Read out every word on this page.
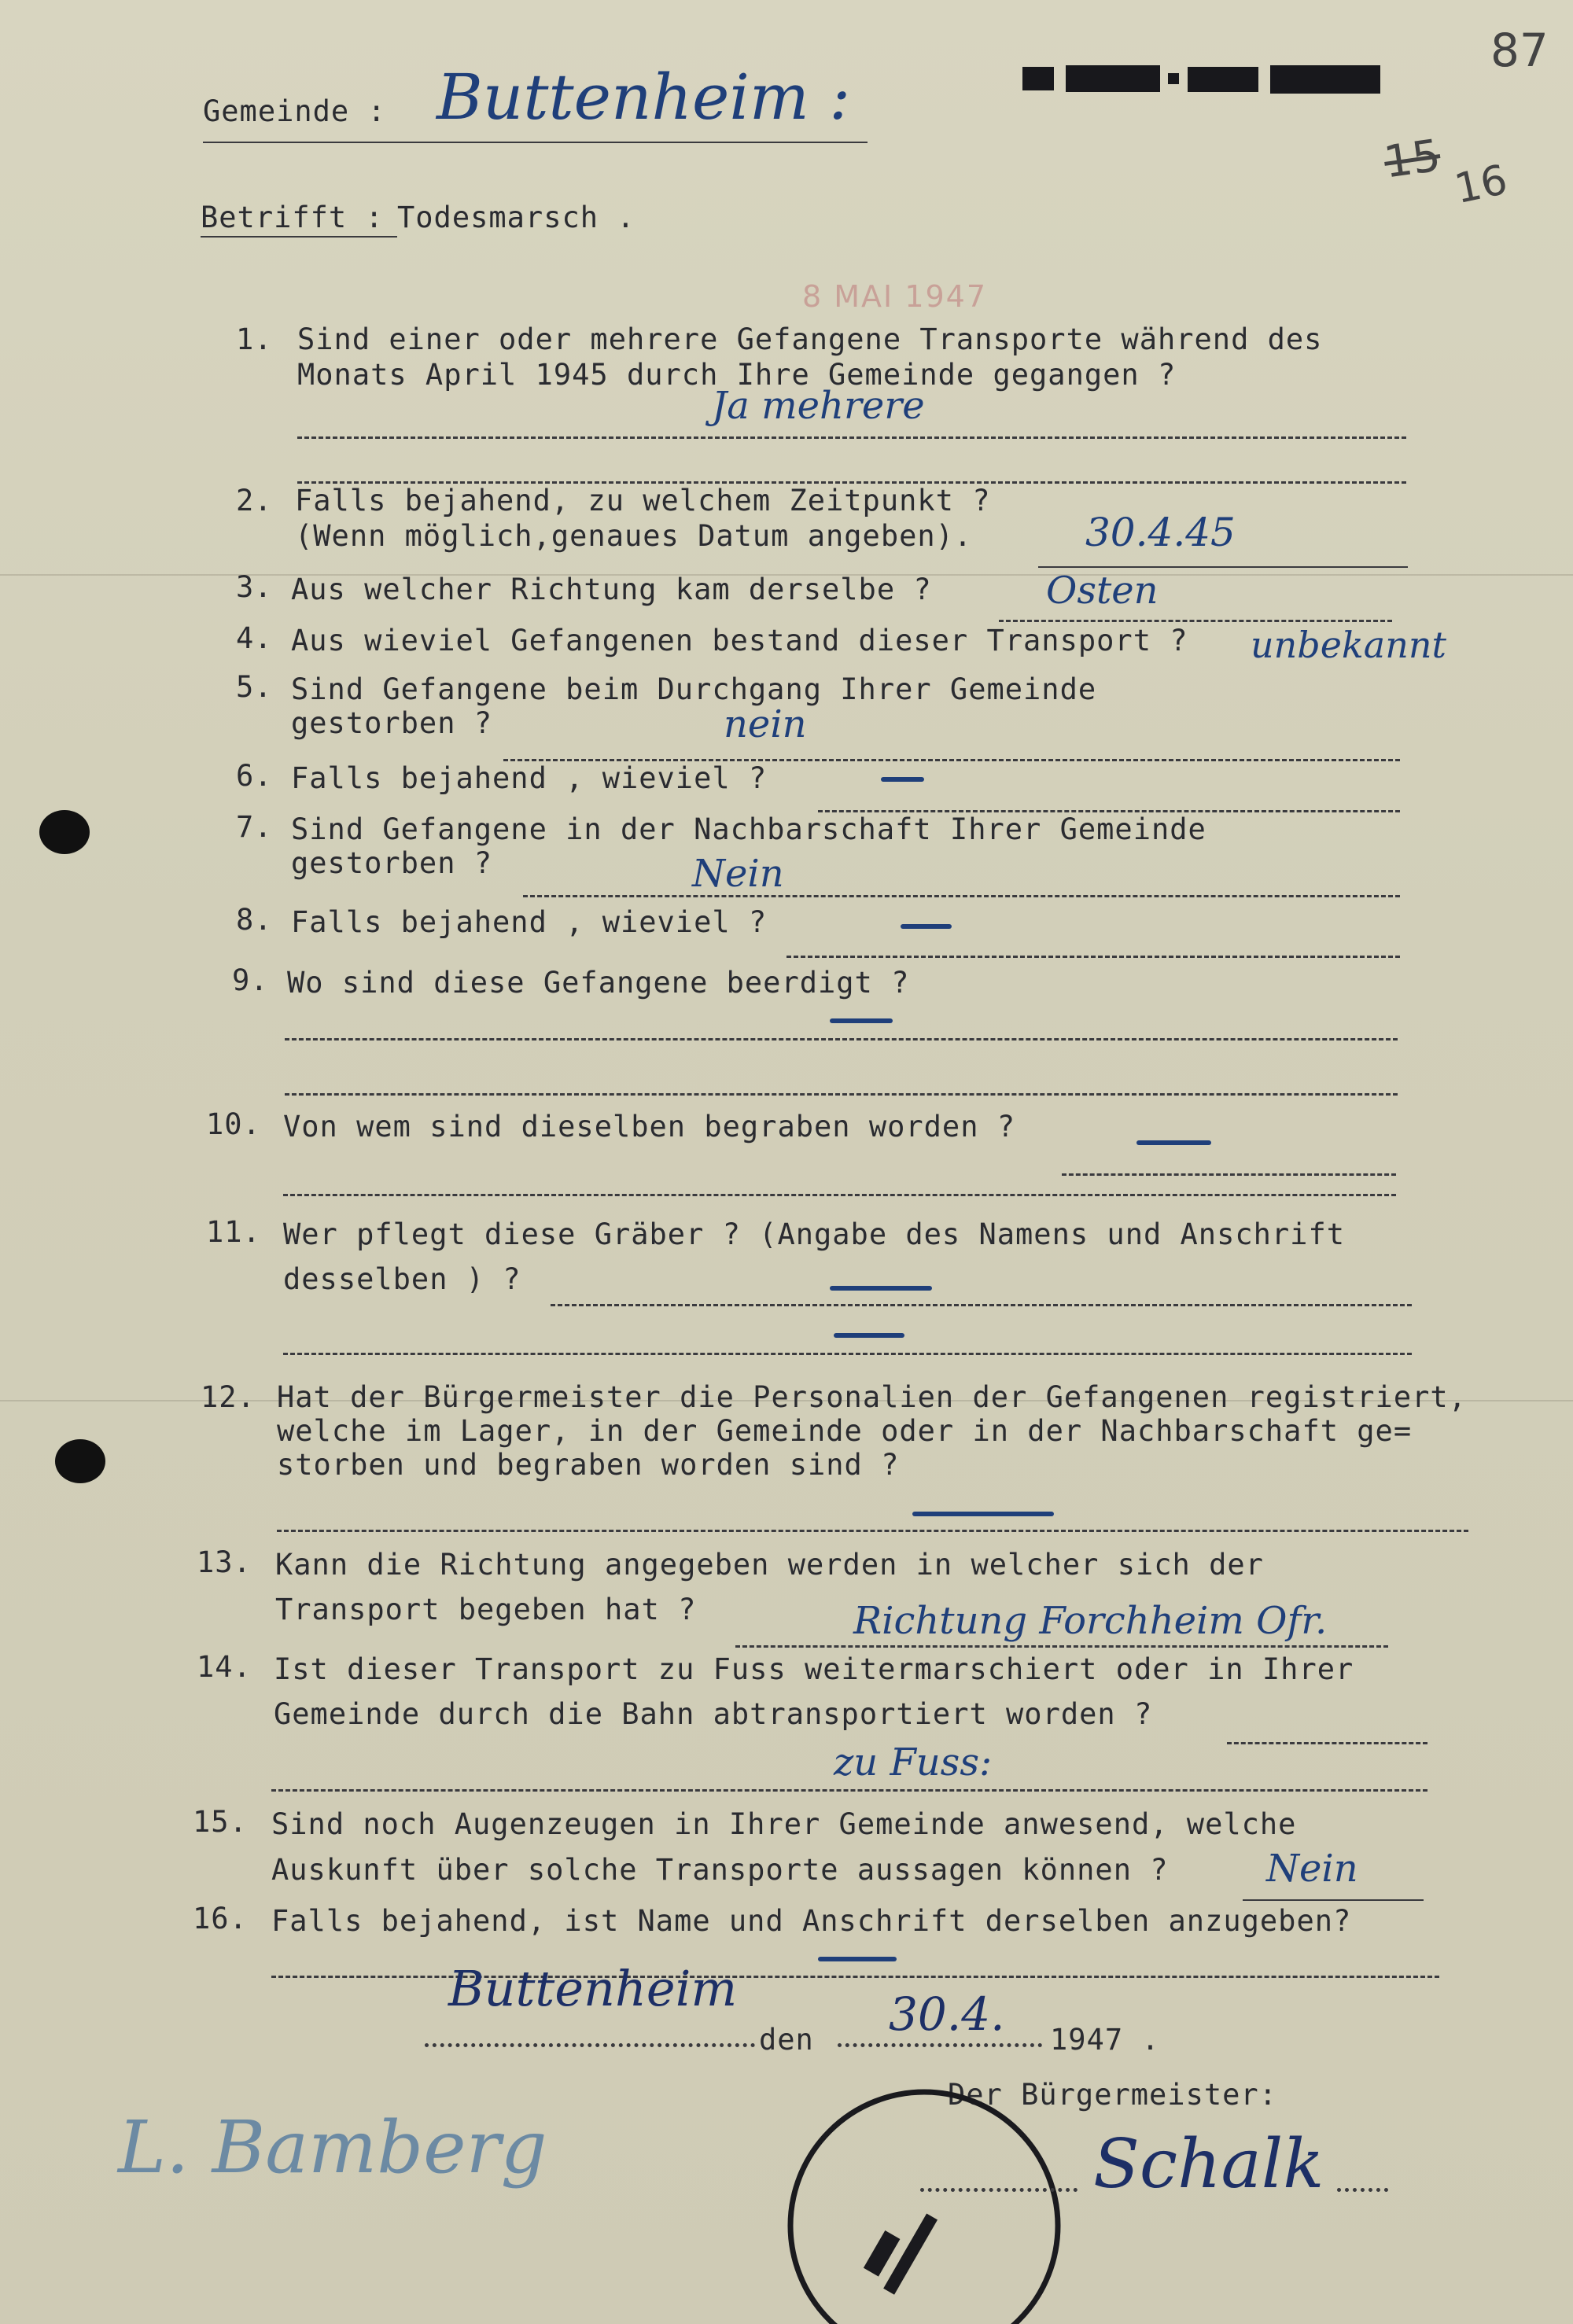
87
15 16
8 MAI 1947
Gemeinde : Buttenheim :
Betrifft : Todesmarsch .
1. Sind einer oder mehrere Gefangene Transporte während des
Monats April 1945 durch Ihre Gemeinde gegangen ?
Ja mehrere
2. Falls bejahend, zu welchem Zeitpunkt ?
(Wenn möglich,genaues Datum angeben).	30.4.45
3. Aus welcher Richtung kam derselbe ?	Osten
4. Aus wieviel Gefangenen bestand dieser Transport ? unbekannt
5. Sind Gefangene beim Durchgang Ihrer Gemeinde
gestorben ?	nein
6. Falls bejahend , wieviel ?
7. Sind Gefangene in der Nachbarschaft Ihrer Gemeinde
gestorben ?	Nein
8. Falls bejahend , wieviel ?
9. Wo sind diese Gefangene beerdigt ?
10. Von wem sind dieselben begraben worden ?
11. Wer pflegt diese Gräber ? (Angabe des Namens und Anschrift
desselben ) ?
12. Hat der Bürgermeister die Personalien der Gefangenen registriert,
welche im Lager, in der Gemeinde oder in der Nachbarschaft ge=
storben und begraben worden sind ?
13. Kann die Richtung angegeben werden in welcher sich der
Transport begeben hat ?	Richtung Forchheim Ofr.
14. Ist dieser Transport zu Fuss weitermarschiert oder in Ihrer
Gemeinde durch die Bahn abtransportiert worden ?
zu Fuss:
15. Sind noch Augenzeugen in Ihrer Gemeinde anwesend, welche
Auskunft über solche Transporte aussagen können ?	Nein
16. Falls bejahend, ist Name und Anschrift derselben anzugeben?
Buttenheim
den 30.4. 1947 .
Der Bürgermeister:
Schalk
L. Bamberg
